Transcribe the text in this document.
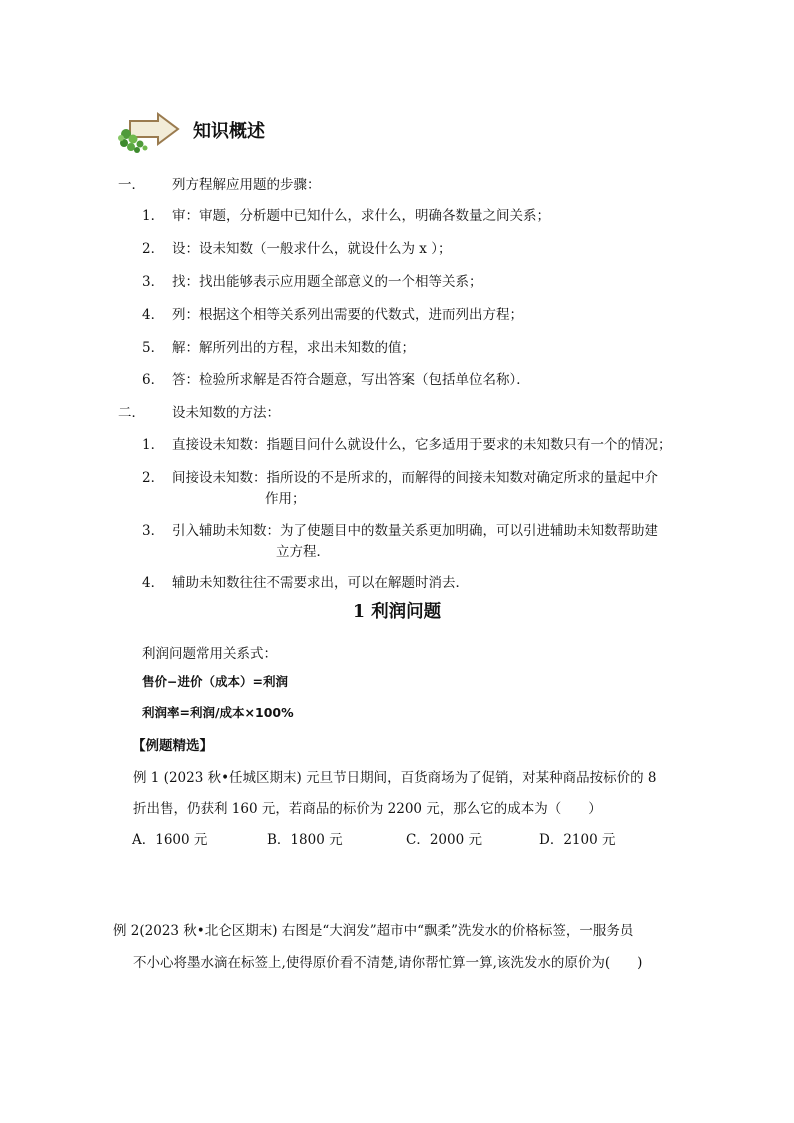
知识概述
一． 列方程解应用题的步骤：
1． 审：审题，分析题中已知什么，求什么，明确各数量之间关系；
2． 设：设未知数（一般求什么，就设什么为 x ）；
3． 找：找出能够表示应用题全部意义的一个相等关系；
4． 列：根据这个相等关系列出需要的代数式，进而列出方程；
5． 解：解所列出的方程，求出未知数的值；
6． 答：检验所求解是否符合题意，写出答案（包括单位名称）．
二． 设未知数的方法：
1． 直接设未知数：指题目问什么就设什么，它多适用于要求的未知数只有一个的情况；
2． 间接设未知数：指所设的不是所求的，而解得的间接未知数对确定所求的量起中介
作用；
3． 引入辅助未知数：为了使题目中的数量关系更加明确，可以引进辅助未知数帮助建
立方程．
4． 辅助未知数往往不需要求出，可以在解题时消去．
1 利润问题
利润问题常用关系式：
售价−进价（成本）=利润
利润率=利润/成本×100%
【例题精选】
例 1 (2023 秋•任城区期末) 元旦节日期间，百货商场为了促销，对某种商品按标价的 8
折出售，仍获利 160 元，若商品的标价为 2200 元，那么它的成本为（　　）
A．1600 元	B．1800 元	C．2000 元	D．2100 元
例 2(2023 秋•北仑区期末) 右图是“大润发”超市中“飘柔”洗发水的价格标签，一服务员
不小心将墨水滴在标签上,使得原价看不清楚,请你帮忙算一算,该洗发水的原价为(　　)
